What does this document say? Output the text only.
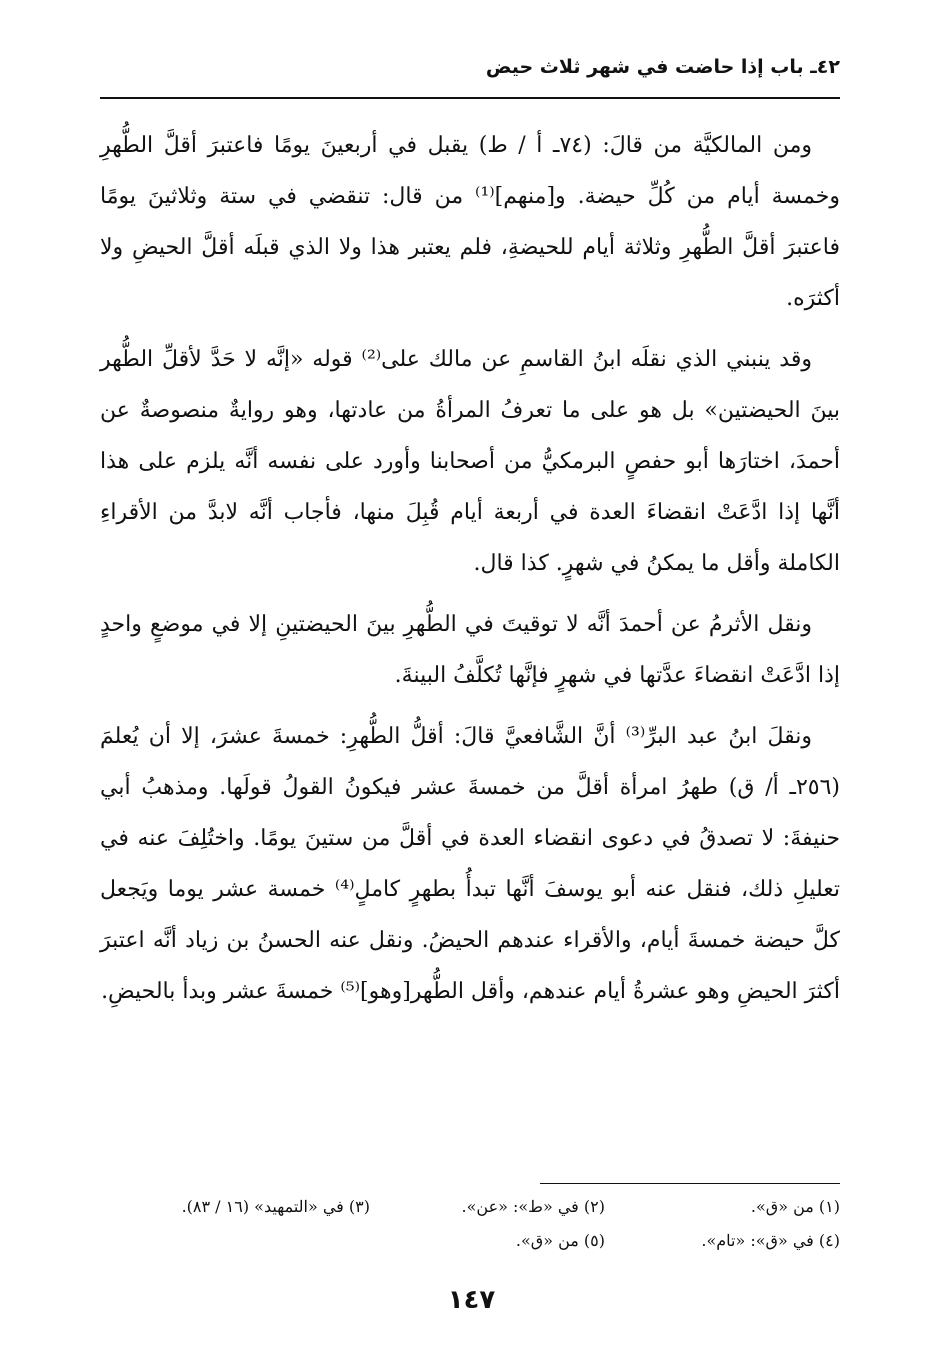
٤٢ـ باب إذا حاضت في شهر ثلاث حيض

ومن المالكيَّة من قالَ: (٧٤ـ أ / ط) يقبل في أربعينَ يومًا فاعتبرَ أقلَّ الطُّهرِ وخمسة أيام من كُلِّ حيضة. و[منهم]⁽¹⁾ من قال: تنقضي في ستة وثلاثينَ يومًا فاعتبرَ أقلَّ الطُّهرِ وثلاثة أيام للحيضةِ، فلم يعتبر هذا ولا الذي قبلَه أقلَّ الحيضِ ولا أكثرَه.

وقد ينبني الذي نقلَه ابنُ القاسمِ عن مالك على⁽²⁾ قوله «إنَّه لا حَدَّ لأقلِّ الطُّهر بينَ الحيضتين» بل هو على ما تعرفُ المرأةُ من عادتها، وهو روايةٌ منصوصةٌ عن أحمدَ، اختارَها أبو حفصٍ البرمكيُّ من أصحابنا وأورد على نفسه أنَّه يلزم على هذا أنَّها إذا ادَّعَتْ انقضاءَ العدة في أربعة أيام قُبِلَ منها، فأجاب أنَّه لابدَّ من الأقراءِ الكاملة وأقل ما يمكنُ في شهرٍ. كذا قال.

ونقل الأثرمُ عن أحمدَ أنَّه لا توقيتَ في الطُّهرِ بينَ الحيضتينِ إلا في موضعٍ واحدٍ إذا ادَّعَتْ انقضاءَ عدَّتها في شهرٍ فإنَّها تُكلَّفُ البينةَ.

ونقلَ ابنُ عبد البرِّ⁽³⁾ أنَّ الشَّافعيَّ قالَ: أقلُّ الطُّهرِ: خمسةَ عشرَ، إلا أن يُعلمَ (٢٥٦ـ أ/ ق) طهرُ امرأة أقلَّ من خمسةَ عشر فيكونُ القولُ قولَها. ومذهبُ أبي حنيفةَ: لا تصدقُ في دعوى انقضاء العدة في أقلَّ من ستينَ يومًا. واختُلِفَ عنه في تعليلِ ذلك، فنقل عنه أبو يوسفَ أنَّها تبدأُ بطهرٍ كاملٍ⁽⁴⁾ خمسة عشر يوما ويَجعل كلَّ حيضة خمسةَ أيام، والأقراء عندهم الحيضُ. ونقل عنه الحسنُ بن زياد أنَّه اعتبرَ أكثرَ الحيضِ وهو عشرةُ أيام عندهم، وأقل الطُّهر[وهو]⁽⁵⁾ خمسةَ عشر وبدأ بالحيضِ.

(١) من «ق».
(٢) في «ط»: «عن».
(٣) في «التمهيد» (١٦ / ٨٣).
(٤) في «ق»: «تام».
(٥) من «ق».
١٤٧
